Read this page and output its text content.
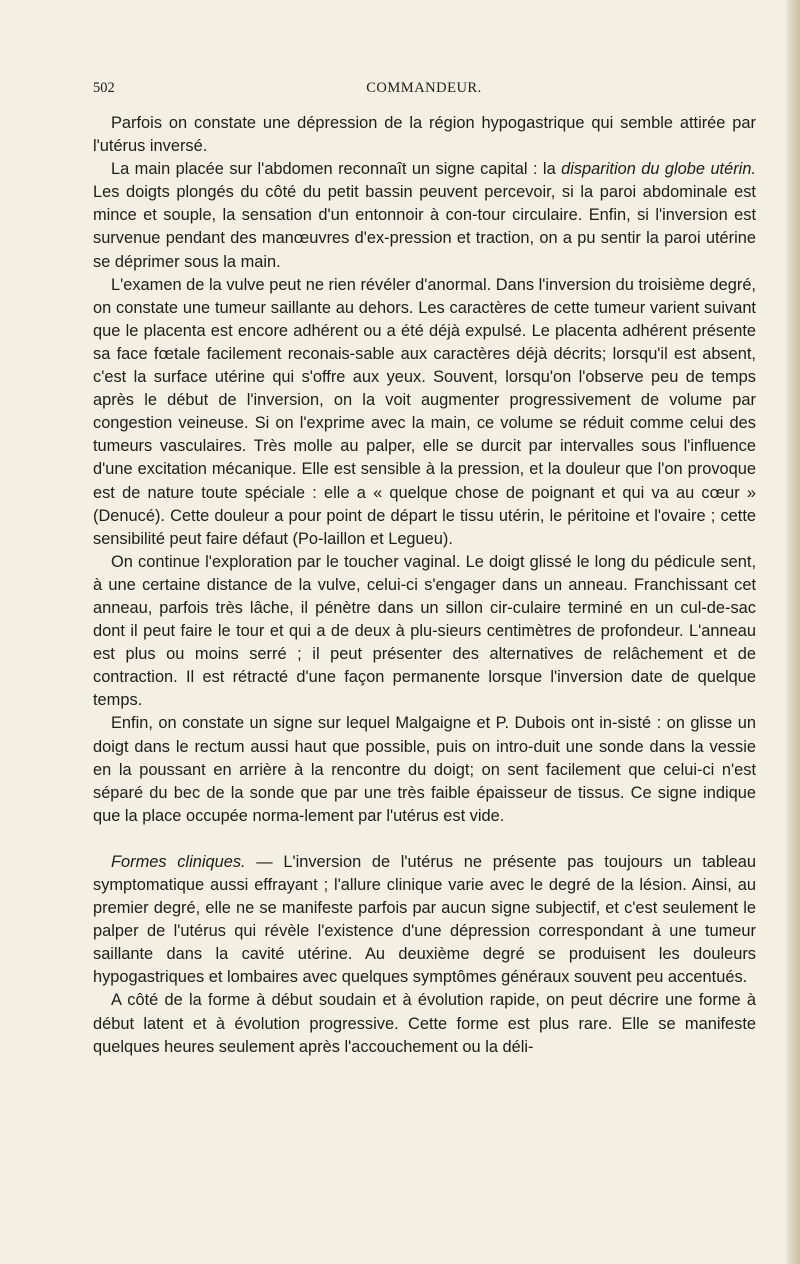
502	COMMANDEUR.

Parfois on constate une dépression de la région hypogastrique qui semble attirée par l'utérus inversé.

La main placée sur l'abdomen reconnaît un signe capital : la disparition du globe utérin. Les doigts plongés du côté du petit bassin peuvent percevoir, si la paroi abdominale est mince et souple, la sensation d'un entonnoir à con-tour circulaire. Enfin, si l'inversion est survenue pendant des manœuvres d'ex-pression et traction, on a pu sentir la paroi utérine se déprimer sous la main.

L'examen de la vulve peut ne rien révéler d'anormal. Dans l'inversion du troisième degré, on constate une tumeur saillante au dehors. Les caractères de cette tumeur varient suivant que le placenta est encore adhérent ou a été déjà expulsé. Le placenta adhérent présente sa face fœtale facilement reconais-sable aux caractères déjà décrits; lorsqu'il est absent, c'est la surface utérine qui s'offre aux yeux. Souvent, lorsqu'on l'observe peu de temps après le début de l'inversion, on la voit augmenter progressivement de volume par congestion veineuse. Si on l'exprime avec la main, ce volume se réduit comme celui des tumeurs vasculaires. Très molle au palper, elle se durcit par intervalles sous l'influence d'une excitation mécanique. Elle est sensible à la pression, et la douleur que l'on provoque est de nature toute spéciale : elle a « quelque chose de poignant et qui va au cœur » (Denucé). Cette douleur a pour point de départ le tissu utérin, le péritoine et l'ovaire ; cette sensibilité peut faire défaut (Po-laillon et Legueu).

On continue l'exploration par le toucher vaginal. Le doigt glissé le long du pédicule sent, à une certaine distance de la vulve, celui-ci s'engager dans un anneau. Franchissant cet anneau, parfois très lâche, il pénètre dans un sillon cir-culaire terminé en un cul-de-sac dont il peut faire le tour et qui a de deux à plu-sieurs centimètres de profondeur. L'anneau est plus ou moins serré ; il peut présenter des alternatives de relâchement et de contraction. Il est rétracté d'une façon permanente lorsque l'inversion date de quelque temps.

Enfin, on constate un signe sur lequel Malgaigne et P. Dubois ont in-sisté : on glisse un doigt dans le rectum aussi haut que possible, puis on intro-duit une sonde dans la vessie en la poussant en arrière à la rencontre du doigt; on sent facilement que celui-ci n'est séparé du bec de la sonde que par une très faible épaisseur de tissus. Ce signe indique que la place occupée norma-lement par l'utérus est vide.

Formes cliniques. — L'inversion de l'utérus ne présente pas toujours un tableau symptomatique aussi effrayant ; l'allure clinique varie avec le degré de la lésion. Ainsi, au premier degré, elle ne se manifeste parfois par aucun signe subjectif, et c'est seulement le palper de l'utérus qui révèle l'existence d'une dépression correspondant à une tumeur saillante dans la cavité utérine. Au deuxième degré se produisent les douleurs hypogastriques et lombaires avec quelques symptômes généraux souvent peu accentués.

A côté de la forme à début soudain et à évolution rapide, on peut décrire une forme à début latent et à évolution progressive. Cette forme est plus rare. Elle se manifeste quelques heures seulement après l'accouchement ou la déli-
